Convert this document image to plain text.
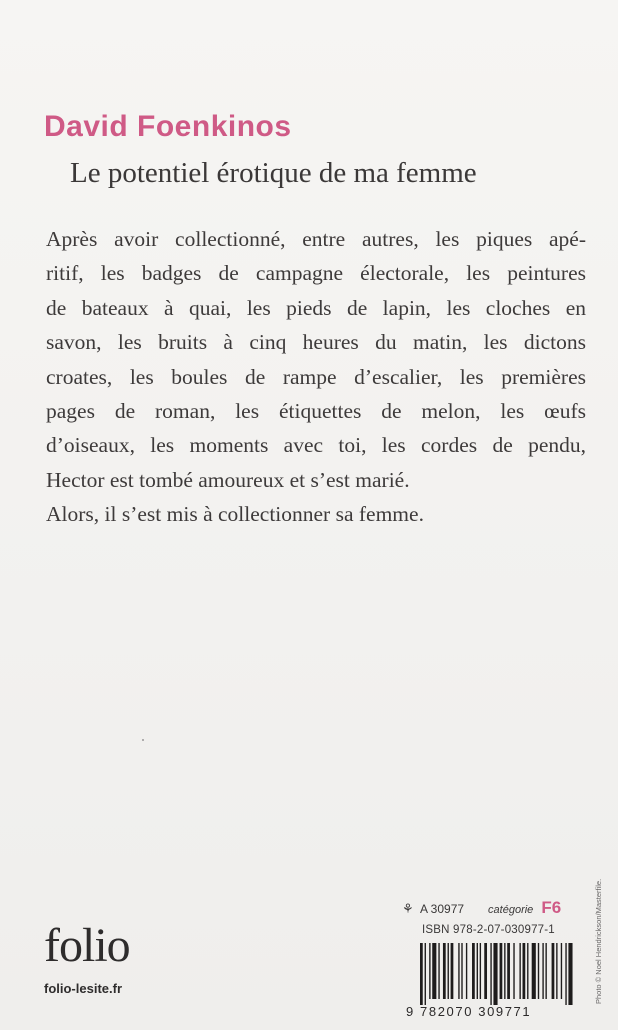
David Foenkinos
Le potentiel érotique de ma femme
Après avoir collectionné, entre autres, les piques apé-
ritif, les badges de campagne électorale, les peintures
de bateaux à quai, les pieds de lapin, les cloches en
savon, les bruits à cinq heures du matin, les dictons
croates, les boules de rampe d’escalier, les premières
pages de roman, les étiquettes de melon, les œufs
d’oiseaux, les moments avec toi, les cordes de pendu,
Hector est tombé amoureux et s’est marié.
Alors, il s’est mis à collectionner sa femme.
folio
folio-lesite.fr
⚘ A 30977 catégorie F6
ISBN 978-2-07-030977-1
9 782070 309771
Photo © Noel Hendrickson/Masterfile.
